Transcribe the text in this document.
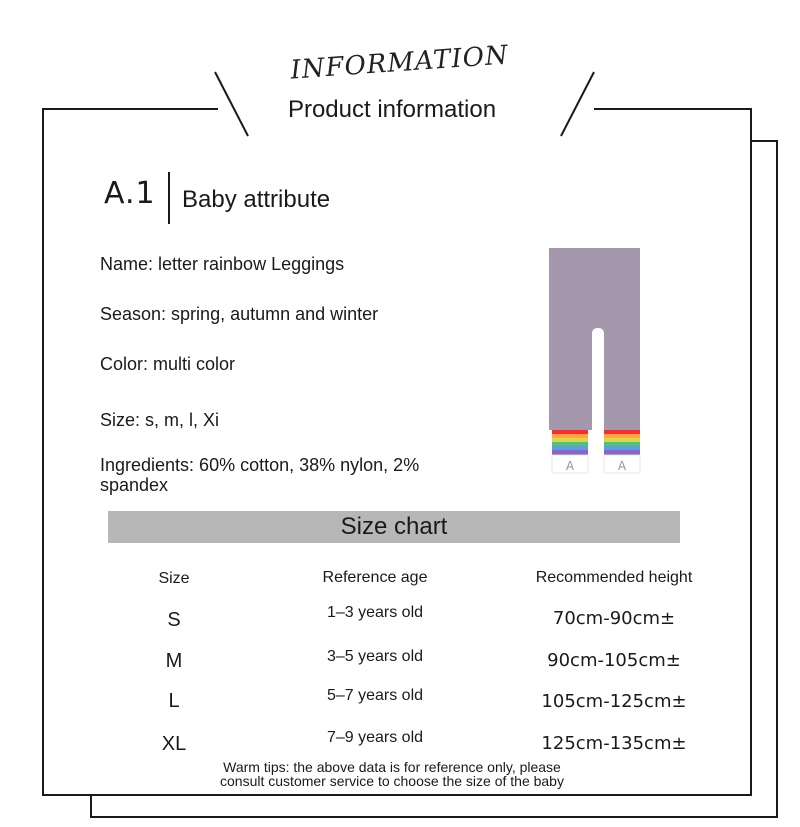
INFORMATION
Product information
A.1 Baby attribute
Name: letter rainbow Leggings
Season: spring, autumn and winter
Color: multi color
Size: s, m, l, Xi
Ingredients: 60% cotton, 38% nylon, 2% spandex
A	A
Size chart
Size	Reference age	Recommended height
S	1–3 years old	70cm-90cm±
M	3–5 years old	90cm-105cm±
L	5–7 years old	105cm-125cm±
XL	7–9 years old	125cm-135cm±
Warm tips: the above data is for reference only, please
consult customer service to choose the size of the baby
